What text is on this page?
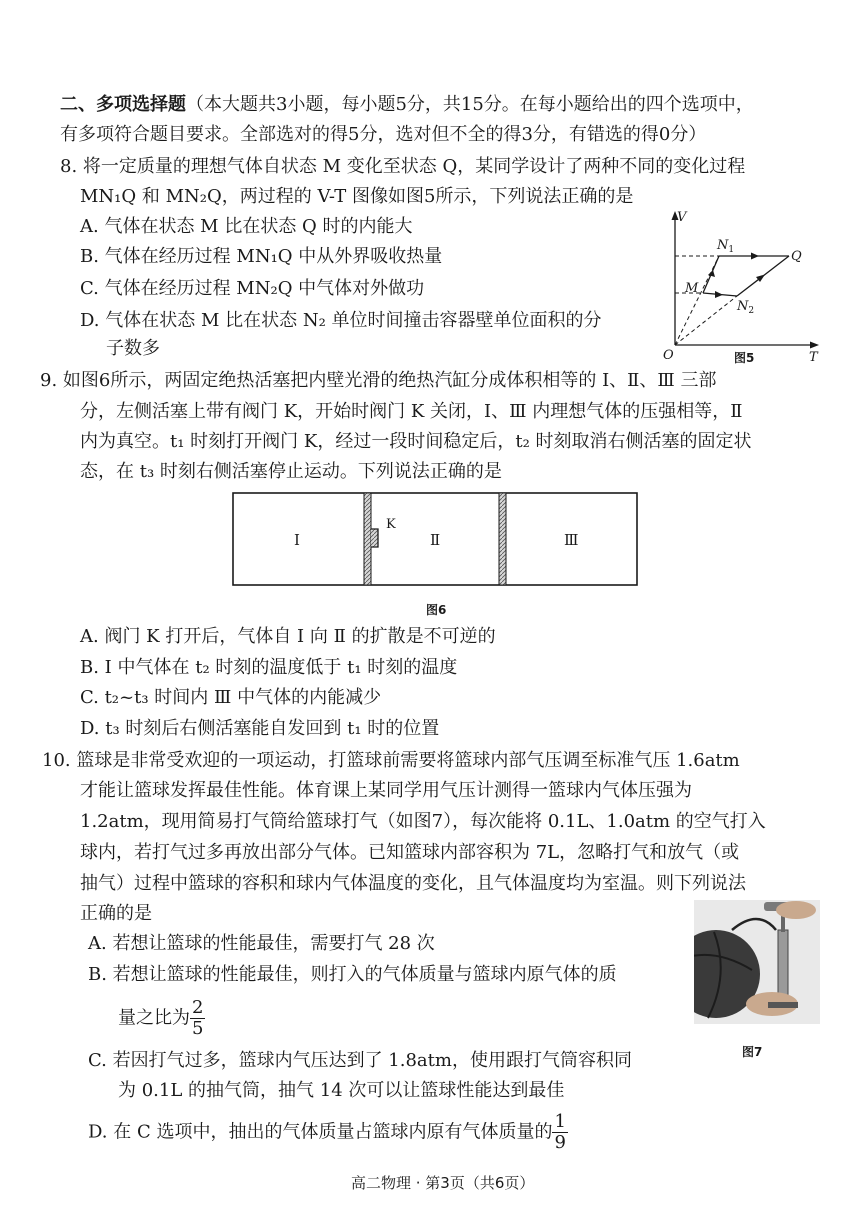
二、多项选择题（本大题共3小题，每小题5分，共15分。在每小题给出的四个选项中，
有多项符合题目要求。全部选对的得5分，选对但不全的得3分，有错选的得0分）
8. 将一定质量的理想气体自状态 M 变化至状态 Q，某同学设计了两种不同的变化过程
MN₁Q 和 MN₂Q，两过程的 V-T 图像如图5所示，下列说法正确的是
A. 气体在状态 M 比在状态 Q 时的内能大
B. 气体在经历过程 MN₁Q 中从外界吸收热量
C. 气体在经历过程 MN₂Q 中气体对外做功
D. 气体在状态 M 比在状态 N₂ 单位时间撞击容器壁单位面积的分
子数多
V
T
O
$N_1$
$N_2$
M
Q
图5
9. 如图6所示，两固定绝热活塞把内壁光滑的绝热汽缸分成体积相等的 Ⅰ、Ⅱ、Ⅲ 三部
分，左侧活塞上带有阀门 K，开始时阀门 K 关闭，Ⅰ、Ⅲ 内理想气体的压强相等，Ⅱ
内为真空。t₁ 时刻打开阀门 K，经过一段时间稳定后，t₂ 时刻取消右侧活塞的固定状
态，在 t₃ 时刻右侧活塞停止运动。下列说法正确的是
Ⅰ	Ⅱ	Ⅲ
K
图6
A. 阀门 K 打开后，气体自 Ⅰ 向 Ⅱ 的扩散是不可逆的
B. Ⅰ 中气体在 t₂ 时刻的温度低于 t₁ 时刻的温度
C. t₂~t₃ 时间内 Ⅲ 中气体的内能减少
D. t₃ 时刻后右侧活塞能自发回到 t₁ 时的位置
10. 篮球是非常受欢迎的一项运动，打篮球前需要将篮球内部气压调至标准气压 1.6atm
才能让篮球发挥最佳性能。体育课上某同学用气压计测得一篮球内气体压强为
1.2atm，现用简易打气筒给篮球打气（如图7），每次能将 0.1L、1.0atm 的空气打入
球内，若打气过多再放出部分气体。已知篮球内部容积为 7L，忽略打气和放气（或
抽气）过程中篮球的容积和球内气体温度的变化，且气体温度均为室温。则下列说法
正确的是
A. 若想让篮球的性能最佳，需要打气 28 次
B. 若想让篮球的性能最佳，则打入的气体质量与篮球内原气体的质
量之比为 $\frac{2}{5}$
C. 若因打气过多，篮球内气压达到了 1.8atm，使用跟打气筒容积同
为 0.1L 的抽气筒，抽气 14 次可以让篮球性能达到最佳
D. 在 C 选项中，抽出的气体质量占篮球内原有气体质量的 $\frac{1}{9}$
图7
高二物理 · 第3页（共6页）
